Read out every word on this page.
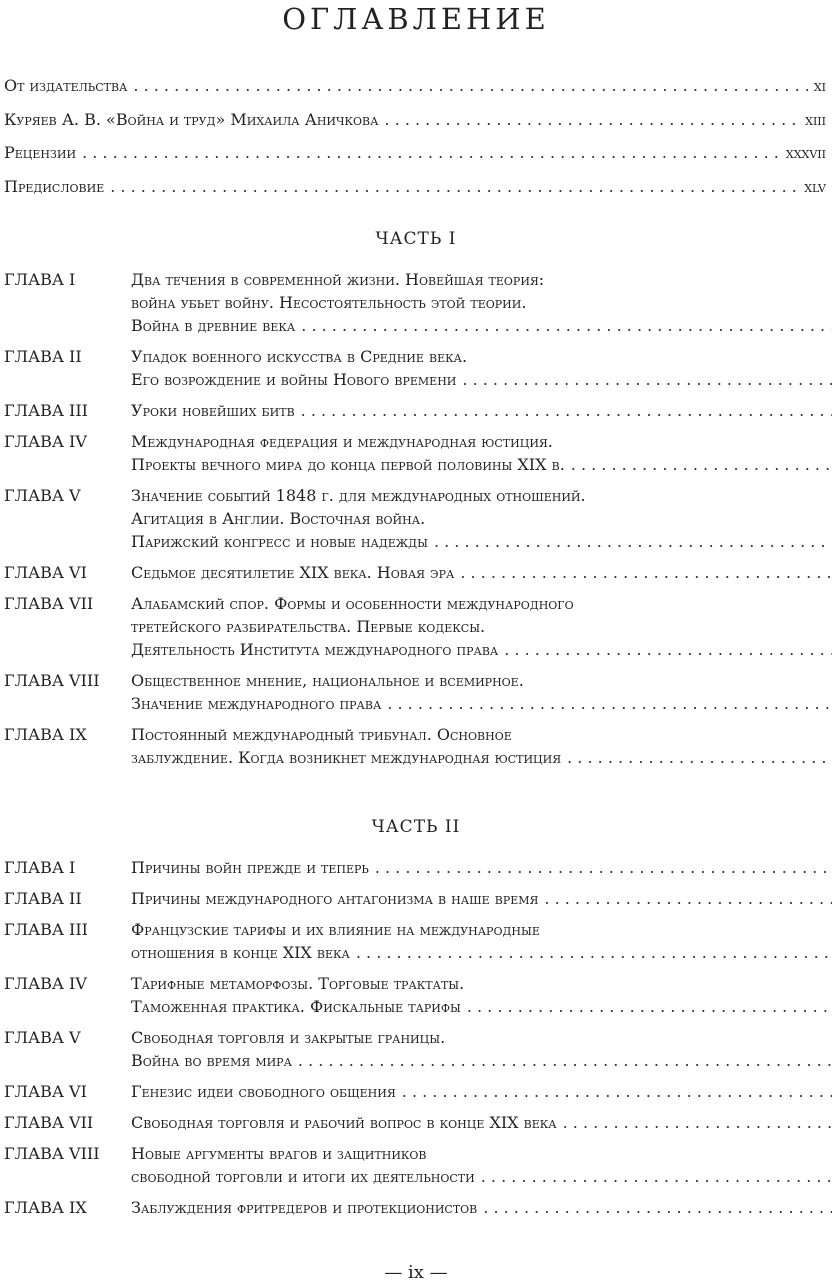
ОГЛАВЛЕНИЕ
От издательства . . .	xi
Куряев А. В. «Война и труд» Михаила Аничкова . . .	xiii
Рецензии . . .	xxxvii
Предисловие . . .	xlv
ЧАСТЬ I
ГЛАВА I	Два течения в современной жизни. Новейшая теория:
война убьет войну. Несостоятельность этой теории.
Война в древние века
. . .
ГЛАВА II	Упадок военного искусства в Средние века.
Его возрождение и войны Нового времени
. . .
ГЛАВА III	Уроки новейших битв
. . .
ГЛАВА IV	Международная федерация и международная юстиция.
Проекты вечного мира до конца первой половины XIX в.
. . .
ГЛАВА V	Значение событий 1848 г. для международных отношений.
Агитация в Англии. Восточная война.
Парижский конгресс и новые надежды
. . .
ГЛАВА VI	Седьмое десятилетие XIX века. Новая эра
. . .
ГЛАВА VII	Алабамский спор. Формы и особенности международного
третейского разбирательства. Первые кодексы.
Деятельность Института международного права
. . .
ГЛАВА VIII	Общественное мнение, национальное и всемирное.
Значение международного права
. . .
ГЛАВА IX	Постоянный международный трибунал. Основное
заблуждение. Когда возникнет международная юстиция
. . .
ЧАСТЬ II
ГЛАВА I	Причины войн прежде и теперь
. . .
ГЛАВА II	Причины международного антагонизма в наше время
. . .
ГЛАВА III	Французские тарифы и их влияние на международные
отношения в конце XIX века
. . .
ГЛАВА IV	Тарифные метаморфозы. Торговые трактаты.
Таможенная практика. Фискальные тарифы
. . .
ГЛАВА V	Свободная торговля и закрытые границы.
Война во время мира
. . .
ГЛАВА VI	Генезис идеи свободного общения
. . .
ГЛАВА VII	Свободная торговля и рабочий вопрос в конце XIX века
. . .
ГЛАВА VIII	Новые аргументы врагов и защитников
свободной торговли и итоги их деятельности
. . .
ГЛАВА IX	Заблуждения фритредеров и протекционистов
. . .
— ix —
